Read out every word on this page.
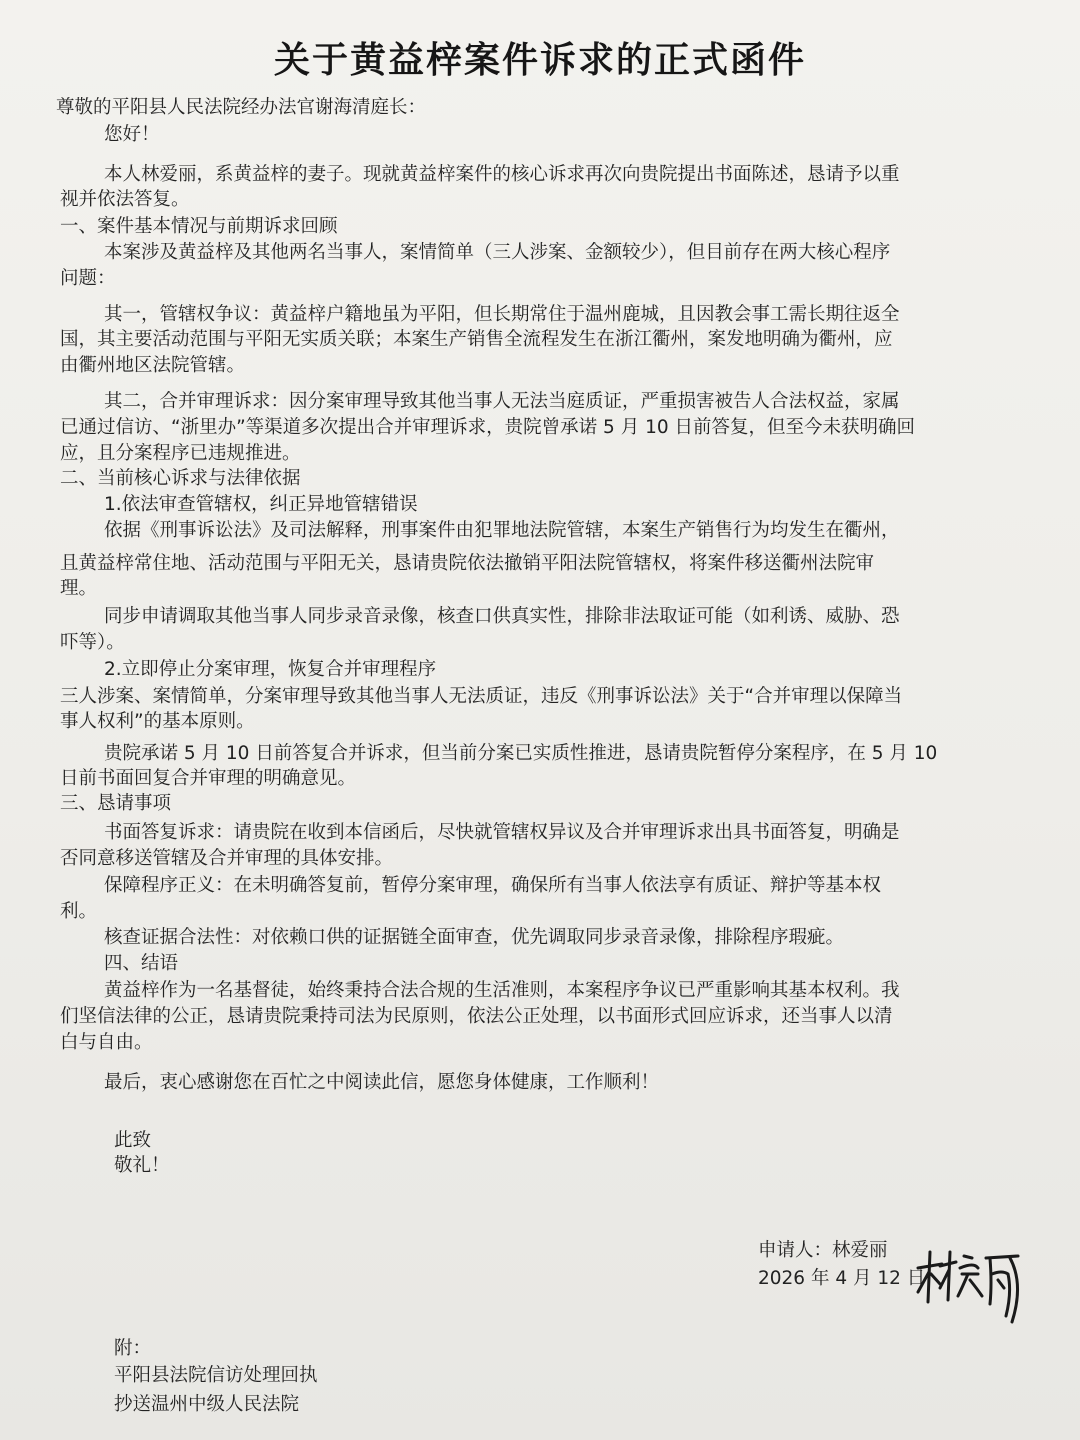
关于黄益梓案件诉求的正式函件
尊敬的平阳县人民法院经办法官谢海清庭长：
您好！
本人林爱丽，系黄益梓的妻子。现就黄益梓案件的核心诉求再次向贵院提出书面陈述，恳请予以重
视并依法答复。
一、案件基本情况与前期诉求回顾
本案涉及黄益梓及其他两名当事人，案情简单（三人涉案、金额较少），但目前存在两大核心程序
问题：
其一，管辖权争议：黄益梓户籍地虽为平阳，但长期常住于温州鹿城，且因教会事工需长期往返全
国，其主要活动范围与平阳无实质关联；本案生产销售全流程发生在浙江衢州，案发地明确为衢州，应
由衢州地区法院管辖。
其二，合并审理诉求：因分案审理导致其他当事人无法当庭质证，严重损害被告人合法权益，家属
已通过信访、“浙里办”等渠道多次提出合并审理诉求，贵院曾承诺 5 月 10 日前答复，但至今未获明确回
应，且分案程序已违规推进。
二、当前核心诉求与法律依据
1.依法审查管辖权，纠正异地管辖错误
依据《刑事诉讼法》及司法解释，刑事案件由犯罪地法院管辖，本案生产销售行为均发生在衢州，
且黄益梓常住地、活动范围与平阳无关，恳请贵院依法撤销平阳法院管辖权，将案件移送衢州法院审
理。
同步申请调取其他当事人同步录音录像，核查口供真实性，排除非法取证可能（如利诱、威胁、恐
吓等）。
2.立即停止分案审理，恢复合并审理程序
三人涉案、案情简单，分案审理导致其他当事人无法质证，违反《刑事诉讼法》关于“合并审理以保障当
事人权利”的基本原则。
贵院承诺 5 月 10 日前答复合并诉求，但当前分案已实质性推进，恳请贵院暂停分案程序，在 5 月 10
日前书面回复合并审理的明确意见。
三、恳请事项
书面答复诉求：请贵院在收到本信函后，尽快就管辖权异议及合并审理诉求出具书面答复，明确是
否同意移送管辖及合并审理的具体安排。
保障程序正义：在未明确答复前，暂停分案审理，确保所有当事人依法享有质证、辩护等基本权
利。
核查证据合法性：对依赖口供的证据链全面审查，优先调取同步录音录像，排除程序瑕疵。
四、结语
黄益梓作为一名基督徒，始终秉持合法合规的生活准则，本案程序争议已严重影响其基本权利。我
们坚信法律的公正，恳请贵院秉持司法为民原则，依法公正处理，以书面形式回应诉求，还当事人以清
白与自由。
最后，衷心感谢您在百忙之中阅读此信，愿您身体健康，工作顺利！
此致
敬礼！
申请人：林爱丽
2026 年 4 月 12 日
附：
平阳县法院信访处理回执
抄送温州中级人民法院
